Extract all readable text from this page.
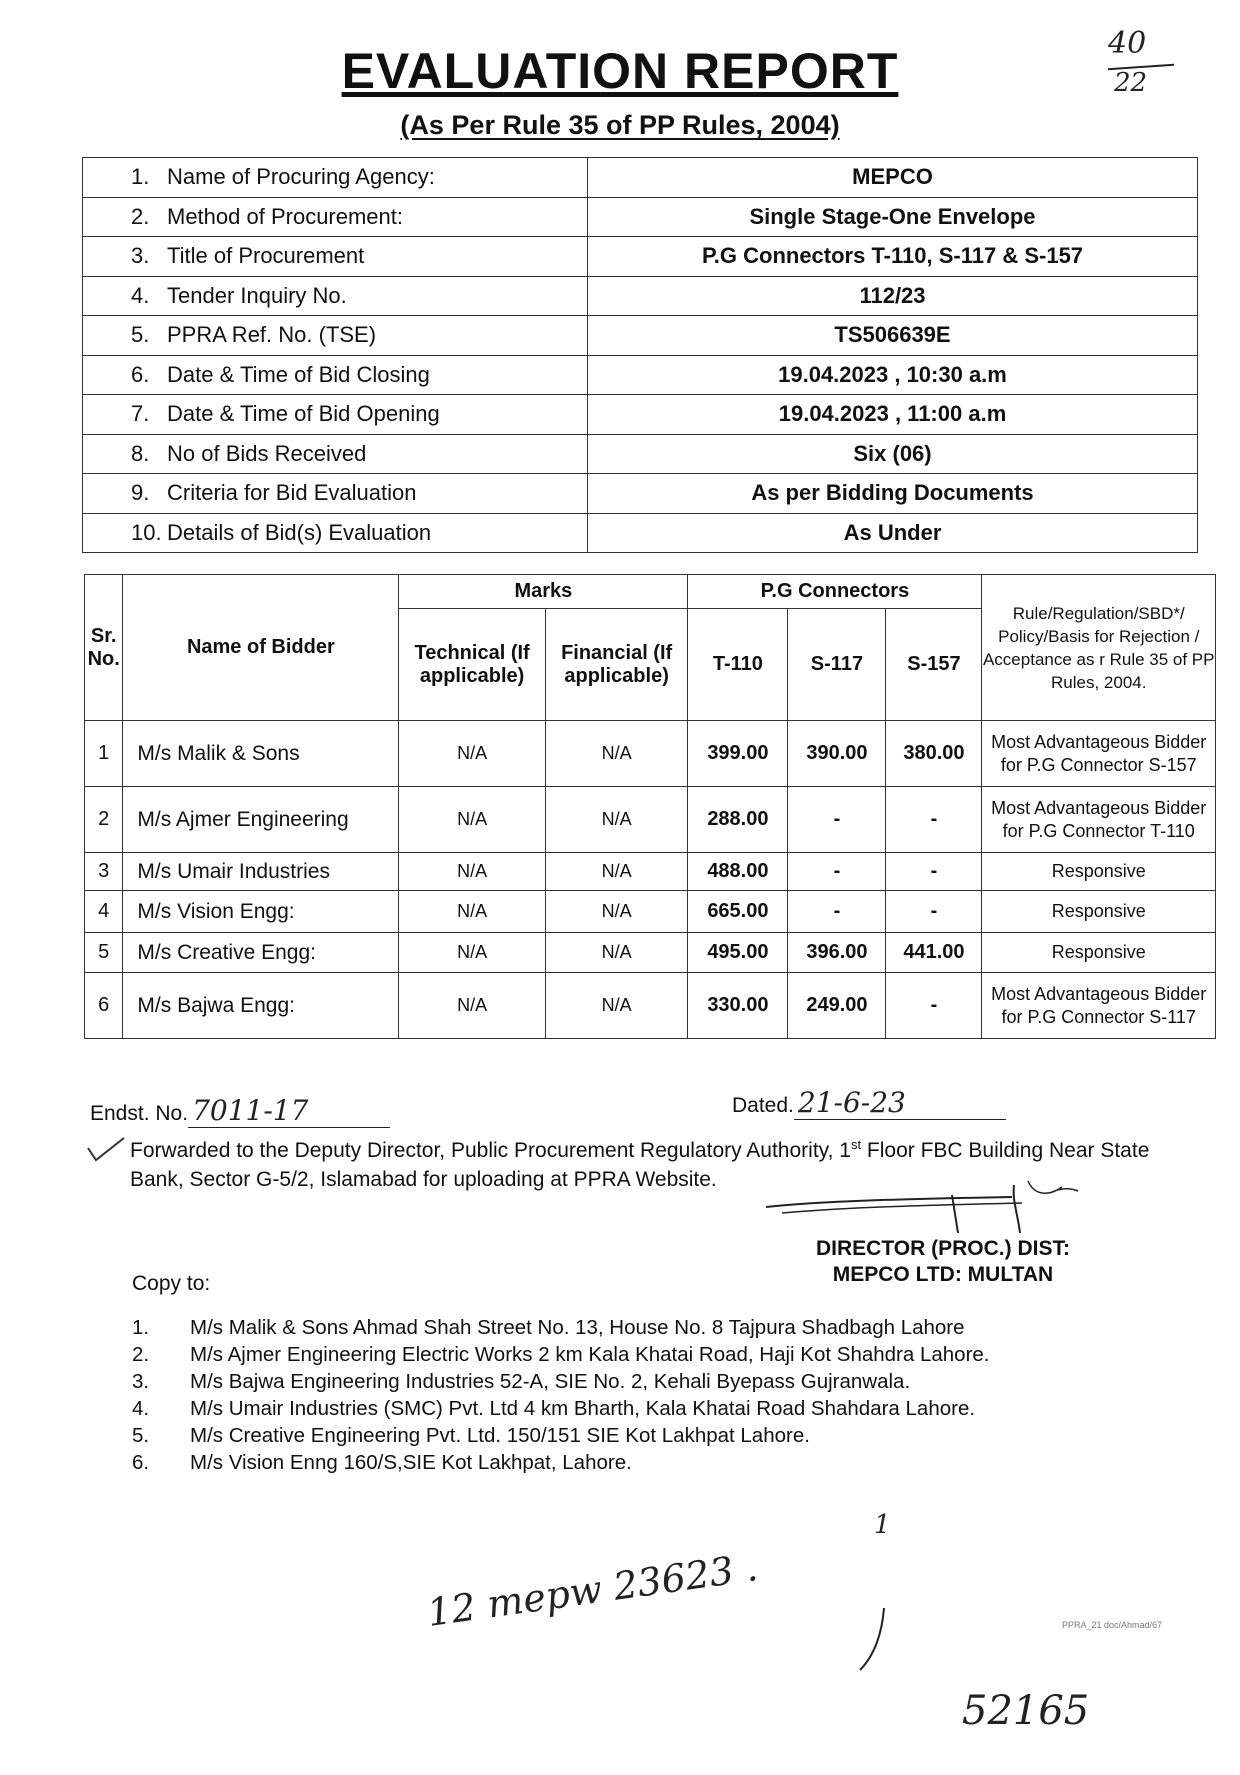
EVALUATION REPORT
(As Per Rule 35 of PP Rules, 2004)
40
22
1. Name of Procuring Agency:	MEPCO
2. Method of Procurement:	Single Stage-One Envelope
3. Title of Procurement	P.G Connectors T-110, S-117 & S-157
4. Tender Inquiry No.	112/23
5. PPRA Ref. No. (TSE)	TS506639E
6. Date & Time of Bid Closing	19.04.2023 , 10:30 a.m
7. Date & Time of Bid Opening	19.04.2023 , 11:00 a.m
8. No of Bids Received	Six (06)
9. Criteria for Bid Evaluation	As per Bidding Documents
10. Details of Bid(s) Evaluation	As Under
Sr. No.	Name of Bidder	Marks		P.G Connectors			Rule/Regulation/SBD*/ Policy/Basis for Rejection / Acceptance as r Rule 35 of PP Rules, 2004.
		Technical (If applicable)	Financial (If applicable)	T-110	S-117	S-157	
1	M/s Malik & Sons	N/A	N/A	399.00	390.00	380.00	Most Advantageous Bidder for P.G Connector S-157
2	M/s Ajmer Engineering	N/A	N/A	288.00	-	-	Most Advantageous Bidder for P.G Connector T-110
3	M/s Umair Industries	N/A	N/A	488.00	-	-	Responsive
4	M/s Vision Engg:	N/A	N/A	665.00	-	-	Responsive
5	M/s Creative Engg:	N/A	N/A	495.00	396.00	441.00	Responsive
6	M/s Bajwa Engg:	N/A	N/A	330.00	249.00	-	Most Advantageous Bidder for P.G Connector S-117
Endst. No. 7011-17	Dated. 21-6-23
Forwarded to the Deputy Director, Public Procurement Regulatory Authority, 1st Floor FBC Building Near State Bank, Sector G-5/2, Islamabad for uploading at PPRA Website.
DIRECTOR (PROC.) DIST:
MEPCO LTD: MULTAN
Copy to:
1. M/s Malik & Sons Ahmad Shah Street No. 13, House No. 8 Tajpura Shadbagh Lahore
2. M/s Ajmer Engineering Electric Works 2 km Kala Khatai Road, Haji Kot Shahdra Lahore.
3. M/s Bajwa Engineering Industries 52-A, SIE No. 2, Kehali Byepass Gujranwala.
4. M/s Umair Industries (SMC) Pvt. Ltd 4 km Bharth, Kala Khatai Road Shahdara Lahore.
5. M/s Creative Engineering Pvt. Ltd. 150/151 SIE Kot Lakhpat Lahore.
6. M/s Vision Enng 160/S,SIE Kot Lakhpat, Lahore.
1
12 mepw 23623 .	PPRA_21 doc/Ahmad/67
52165
